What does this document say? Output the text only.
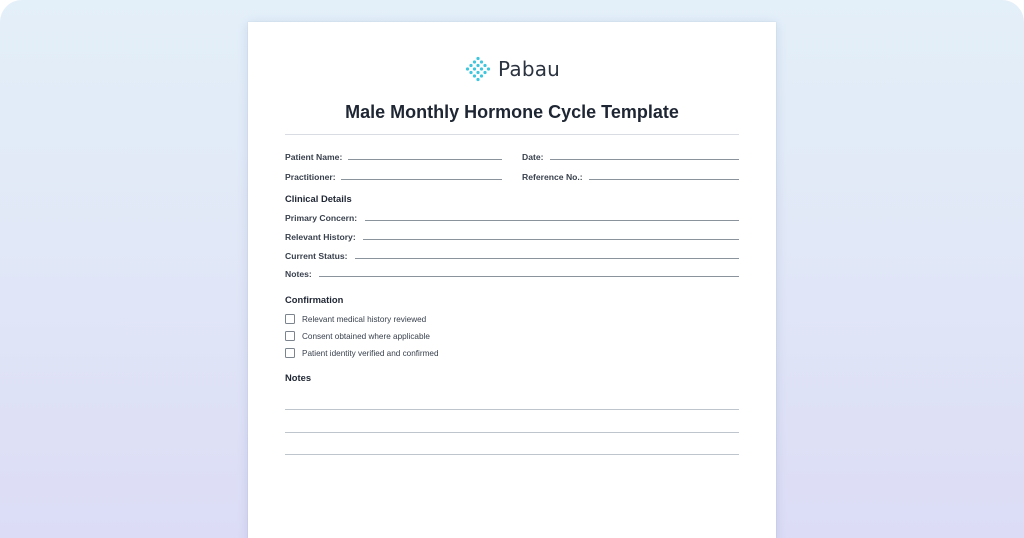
Pabau
Male Monthly Hormone Cycle Template
Patient Name:	Date:
Practitioner:	Reference No.:
Clinical Details
Primary Concern:
Relevant History:
Current Status:
Notes:
Confirmation
Relevant medical history reviewed
Consent obtained where applicable
Patient identity verified and confirmed
Notes
